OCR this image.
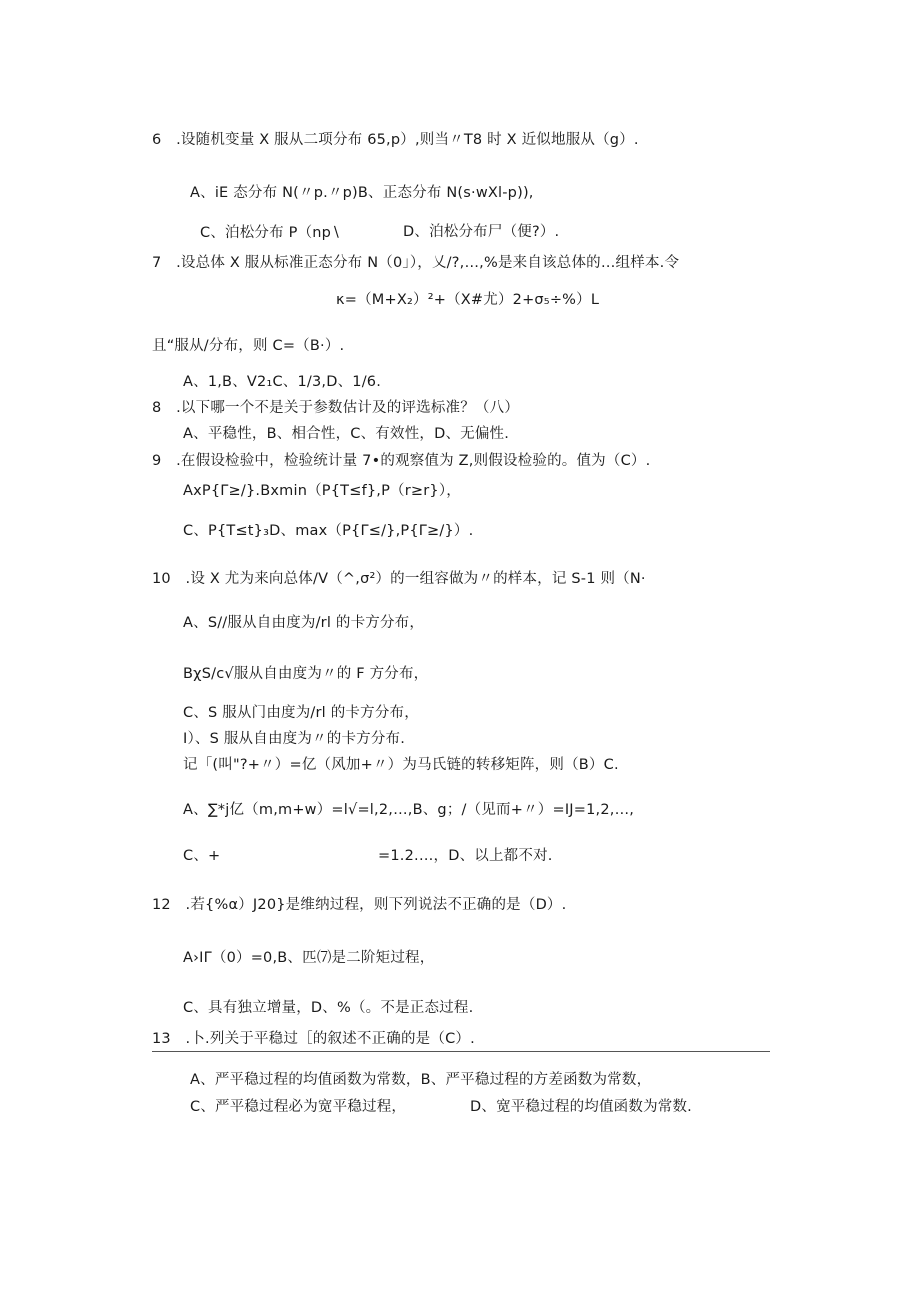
6　.设随机变量 X 服从二项分布 65,p）,则当〃T8 时 X 近似地服从（g）.
A、iE 态分布 N(〃p.〃p)B、正态分布 N(s·wXl-p)),
C、泊松分布 P（np∖	D、泊松分布尸（便?）.
7　.设总体 X 服从标准正态分布 N（0」），乂/?,…,%是来自该总体的…组样本.令
κ=（M+X₂）²+（X#尤）2+σ₅÷%）L
且“服从/分布，则 C=（B·）.
A、1,B、V2₁C、1/3,D、1/6.
8　.以下哪一个不是关于参数估计及的评选标准？（八）
A、平稳性，B、相合性，C、有效性，D、无偏性.
9　.在假设检验中，检验统计量 7•的观察值为 Z,则假设检验的。值为（C）.
AxP{Γ≥∕}.Bxmin（P{T≤f},P（r≥r}），
C、P{T≤t}₃D、max（P{Γ≤∕},P{Γ≥∕}）.
10　.设 X 尤为来向总体/V（^,σ²）的一组容做为〃的样本，记 S-1 则（N·
A、S//服从自由度为∕rl 的卡方分布，
BχS∕c√服从自由度为〃的 F 方分布，
C、S 服从门由度为∕rl 的卡方分布，
I）、S 服从自由度为〃的卡方分布.
记「(叫"?+〃）=亿（风加+〃）为马氏链的转移矩阵，则（B）C.
A、∑*j亿（m,m+w）=l√=l,2,…,B、g；/（见而+〃）=IJ=1,2,…,
C、+	=1.2.…，D、以上都不对.
12　.若{%α）J20}是维纳过程，则下列说法不正确的是（D）.
A›IΓ（0）=0,B、匹⑺是二阶矩过程，
C、具有独立增量，D、%（。不是正态过程.
13　.卜.列关于平稳过［的叙述不正确的是（C）.
A、严平稳过程的均值函数为常数，B、严平稳过程的方差函数为常数，
C、严平稳过程必为宽平稳过程，	D、宽平稳过程的均值函数为常数.
